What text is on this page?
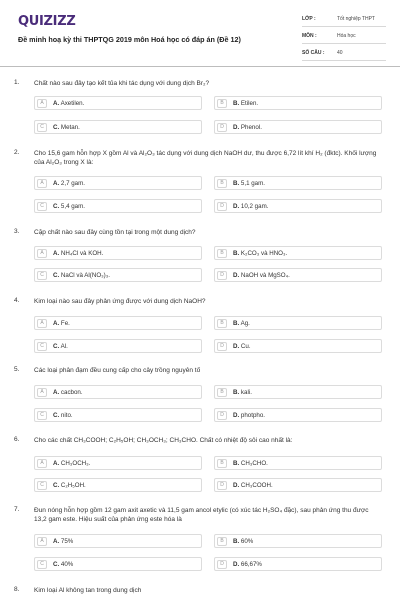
QUIZIZZ
Đề minh hoạ kỳ thi THPTQG 2019 môn Hoá học có đáp án (Đề 12)
LỚP :	Tốt nghiệp THPT
MÔN :	Hóa học
SỐ CÂU :	40
1. Chất nào sau đây tạo kết tủa khi tác dụng với dung dịch Br₂?
A	A. Axetilen.	B	B. Etilen.
C	C. Metan.	D	D. Phenol.
2. Cho 15,6 gam hỗn hợp X gồm Al và Al₂O₃ tác dụng với dung dịch NaOH dư, thu được 6,72 lít khí H₂ (đktc). Khối lượng của Al₂O₃ trong X là:
A	A. 2,7 gam.	B	B. 5,1 gam.
C	C. 5,4 gam.	D	D. 10,2 gam.
3. Cặp chất nào sau đây cùng tồn tại trong một dung dịch?
A	A. NH₄Cl và KOH.	B	B. K₂CO₃ và HNO₃.
C	C. NaCl và Al(NO₃)₃.	D	D. NaOH và MgSO₄.
4. Kim loại nào sau đây phản ứng được với dung dịch NaOH?
A	A. Fe.	B	B. Ag.
C	C. Al.	D	D. Cu.
5. Các loại phân đạm đều cung cấp cho cây trồng nguyên tố
A	A. cacbon.	B	B. kali.
C	C. nito.	D	D. photpho.
6. Cho các chất CH₃COOH; C₂H₅OH; CH₃OCH₃; CH₃CHO. Chất có nhiệt độ sôi cao nhất là:
A	A. CH₃OCH₃.	B	B. CH₃CHO.
C	C. C₂H₅OH.	D	D. CH₃COOH.
7. Đun nóng hỗn hợp gồm 12 gam axit axetic và 11,5 gam ancol etylic (có xúc tác H₂SO₄ đặc), sau phản ứng thu được 13,2 gam este. Hiệu suất của phản ứng este hóa là
A	A. 75%	B	B. 60%
C	C. 40%	D	D. 66,67%
8. Kim loại Al không tan trong dung dịch
